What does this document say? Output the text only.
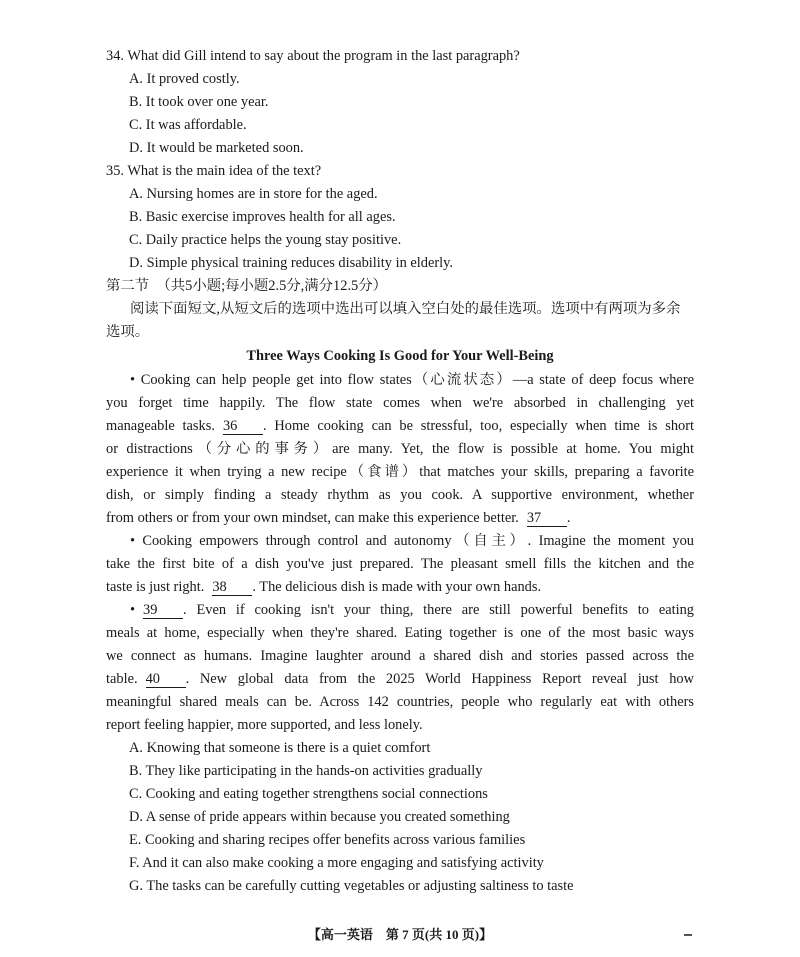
34. What did Gill intend to say about the program in the last paragraph?
A. It proved costly.
B. It took over one year.
C. It was affordable.
D. It would be marketed soon.
35. What is the main idea of the text?
A. Nursing homes are in store for the aged.
B. Basic exercise improves health for all ages.
C. Daily practice helps the young stay positive.
D. Simple physical training reduces disability in elderly.
第二节　（共5小题;每小题2.5分,满分12.5分）
阅读下面短文,从短文后的选项中选出可以填入空白处的最佳选项。选项中有两项为多余
选项。
Three Ways Cooking Is Good for Your Well-Being
• Cooking can help people get into flow states（心流状态）—a state of deep focus where
you forget time happily. The flow state comes when we're absorbed in challenging yet
manageable tasks. 36 . Home cooking can be stressful, too, especially when time is short
or distractions（分心的事务）are many. Yet, the flow is possible at home. You might
experience it when trying a new recipe（食谱）that matches your skills, preparing a favorite
dish, or simply finding a steady rhythm as you cook. A supportive environment, whether
from others or from your own mindset, can make this experience better. 37 .
• Cooking empowers through control and autonomy（自主）. Imagine the moment you
take the first bite of a dish you've just prepared. The pleasant smell fills the kitchen and the
taste is just right. 38 . The delicious dish is made with your own hands.
• 39 . Even if cooking isn't your thing, there are still powerful benefits to eating
meals at home, especially when they're shared. Eating together is one of the most basic ways
we connect as humans. Imagine laughter around a shared dish and stories passed across the
table. 40 . New global data from the 2025 World Happiness Report reveal just how
meaningful shared meals can be. Across 142 countries, people who regularly eat with others
report feeling happier, more supported, and less lonely.
A. Knowing that someone is there is a quiet comfort
B. They like participating in the hands-on activities gradually
C. Cooking and eating together strengthens social connections
D. A sense of pride appears within because you created something
E. Cooking and sharing recipes offer benefits across various families
F. And it can also make cooking a more engaging and satisfying activity
G. The tasks can be carefully cutting vegetables or adjusting saltiness to taste
【高一英语　第 7 页(共 10 页)】
